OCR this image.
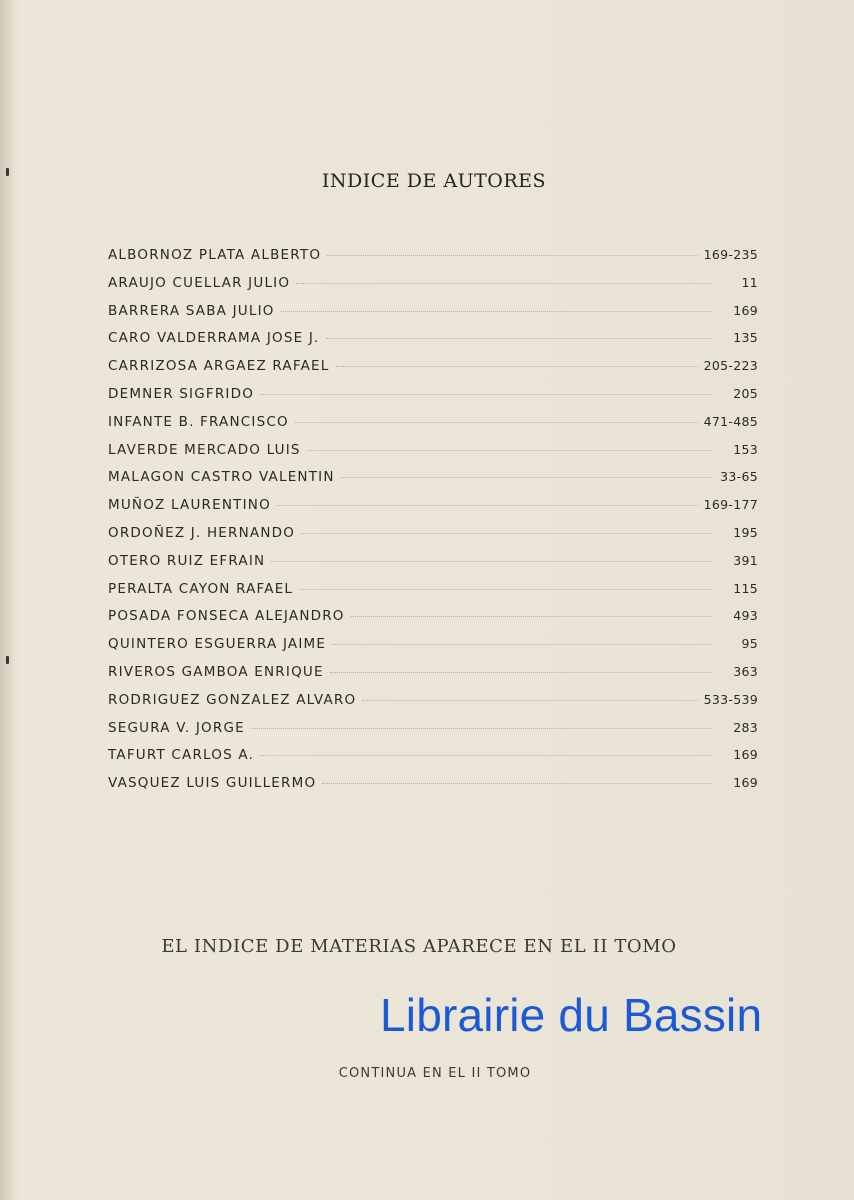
INDICE DE AUTORES
ALBORNOZ PLATA ALBERTO	169-235
ARAUJO CUELLAR JULIO	11
BARRERA SABA JULIO	169
CARO VALDERRAMA JOSE J.	135
CARRIZOSA ARGAEZ RAFAEL	205-223
DEMNER SIGFRIDO	205
INFANTE B. FRANCISCO	471-485
LAVERDE MERCADO LUIS	153
MALAGON CASTRO VALENTIN	33-65
MUÑOZ LAURENTINO	169-177
ORDOÑEZ J. HERNANDO	195
OTERO RUIZ EFRAIN	391
PERALTA CAYON RAFAEL	115
POSADA FONSECA ALEJANDRO	493
QUINTERO ESGUERRA JAIME	95
RIVEROS GAMBOA ENRIQUE	363
RODRIGUEZ GONZALEZ ALVARO	533-539
SEGURA V. JORGE	283
TAFURT CARLOS A.	169
VASQUEZ LUIS GUILLERMO	169
EL INDICE DE MATERIAS APARECE EN EL II TOMO
Librairie du Bassin
CONTINUA EN EL II TOMO
